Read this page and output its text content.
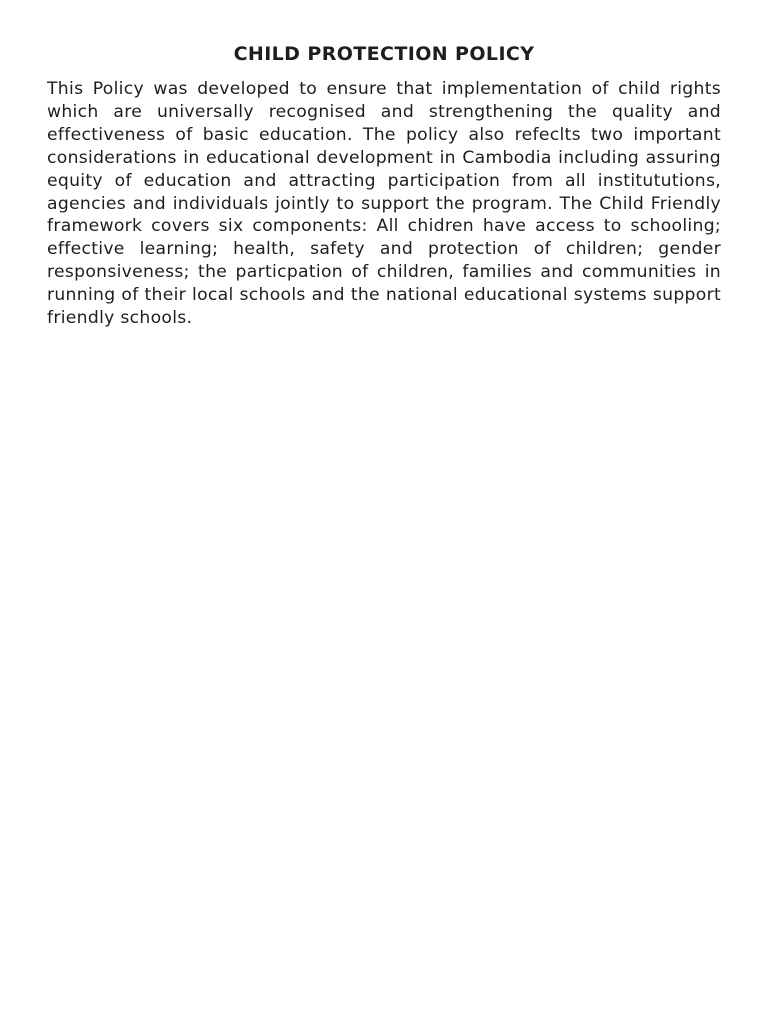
CHILD PROTECTION POLICY

This Policy was developed to ensure that implementation of child rights which are universally recognised and strengthening the quality and effectiveness of basic education. The policy also refeclts two important considerations in educational development in Cambodia including assuring equity of education and attracting participation from all institututions, agencies and individuals jointly to support the program. The Child Friendly framework covers six components: All chidren have access to schooling; effective learning; health, safety and protection of children; gender responsiveness; the particpation of children, families and communities in running of their local schools and the national educational systems support friendly schools.
